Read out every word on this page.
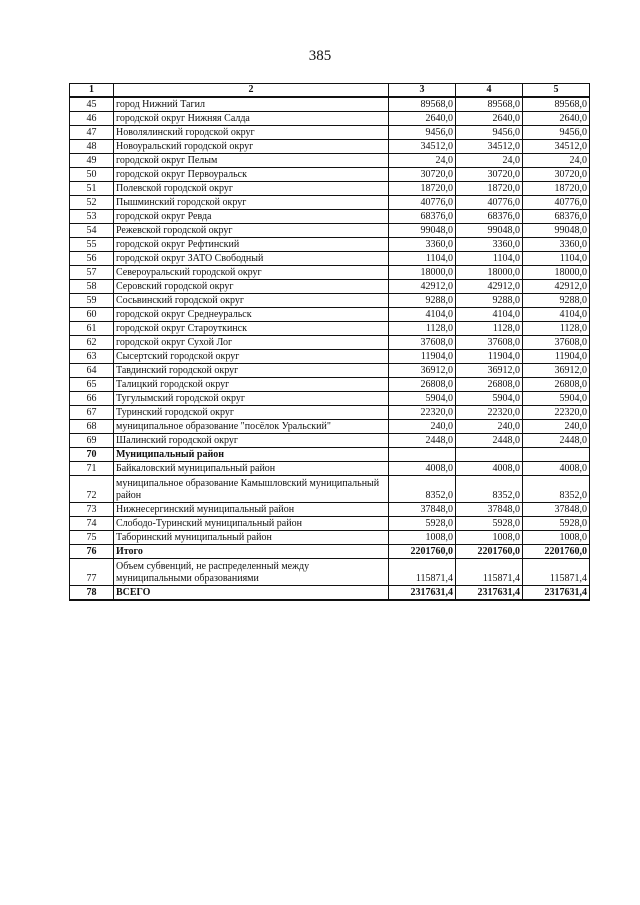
385
1	2	3	4	5
45	город Нижний Тагил	89568,0	89568,0	89568,0
46	городской округ Нижняя Салда	2640,0	2640,0	2640,0
47	Новолялинский городской округ	9456,0	9456,0	9456,0
48	Новоуральский городской округ	34512,0	34512,0	34512,0
49	городской округ Пелым	24,0	24,0	24,0
50	городской округ Первоуральск	30720,0	30720,0	30720,0
51	Полевской городской округ	18720,0	18720,0	18720,0
52	Пышминский городской округ	40776,0	40776,0	40776,0
53	городской округ Ревда	68376,0	68376,0	68376,0
54	Режевской городской округ	99048,0	99048,0	99048,0
55	городской округ Рефтинский	3360,0	3360,0	3360,0
56	городской округ ЗАТО Свободный	1104,0	1104,0	1104,0
57	Североуральский городской округ	18000,0	18000,0	18000,0
58	Серовский городской округ	42912,0	42912,0	42912,0
59	Сосьвинский городской округ	9288,0	9288,0	9288,0
60	городской округ Среднеуральск	4104,0	4104,0	4104,0
61	городской округ Староуткинск	1128,0	1128,0	1128,0
62	городской округ Сухой Лог	37608,0	37608,0	37608,0
63	Сысертский городской округ	11904,0	11904,0	11904,0
64	Тавдинский городской округ	36912,0	36912,0	36912,0
65	Талицкий городской округ	26808,0	26808,0	26808,0
66	Тугулымский городской округ	5904,0	5904,0	5904,0
67	Туринский городской округ	22320,0	22320,0	22320,0
68	муниципальное образование "посёлок Уральский"	240,0	240,0	240,0
69	Шалинский городской округ	2448,0	2448,0	2448,0
70	Муниципальный район			
71	Байкаловский муниципальный район	4008,0	4008,0	4008,0
72	муниципальное образование Камышловский муниципальный район	8352,0	8352,0	8352,0
73	Нижнесергинский муниципальный район	37848,0	37848,0	37848,0
74	Слободо-Туринский муниципальный район	5928,0	5928,0	5928,0
75	Таборинский муниципальный район	1008,0	1008,0	1008,0
76	Итого	2201760,0	2201760,0	2201760,0
77	Объем субвенций, не распределенный между муниципальными образованиями	115871,4	115871,4	115871,4
78	ВСЕГО	2317631,4	2317631,4	2317631,4
